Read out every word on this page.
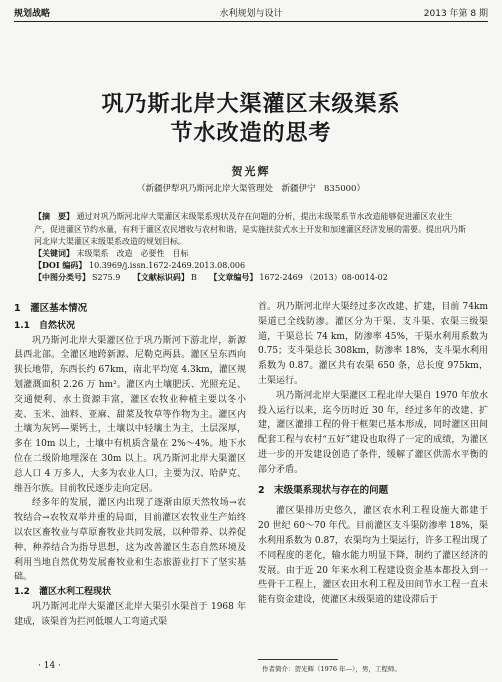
规划战略	水利规划与设计	2013 年第 8 期
巩乃斯北岸大渠灌区末级渠系
节水改造的思考
贺光辉
（新疆伊犁巩乃斯河北岸大渠管理处　新疆伊宁　835000）
【摘　要】 通过对巩乃斯河北岸大渠灌区末级渠系现状及存在问题的分析，提出末级渠系节水改造能够促进灌区农业生产，促进灌区节约水量，有利于灌区农民增收与农村和谐，是实施扶贫式水土开发和加速灌区经济发展的需要。提出巩乃斯河北岸大渠灌区末级渠系改造的规划目标。
【关键词】 末级渠系　改造　必要性　目标
【DOI 编码】 10.3969/j.issn.1672-2469.2013.08.006
【中图分类号】 S275.9 【文献标识码】 B 【文章编号】 1672-2469 （2013）08-0014-02
1　灌区基本情况
1.1　自然状况

巩乃斯河北岸大渠灌区位于巩乃斯河下游北岸，新源县西北部。全灌区地跨新源、尼勒克两县。灌区呈东西向狭长地带，东西长约 67km，南北平均宽 4.3km，灌区规划灌溉面积 2.26 万 hm²。灌区内土壤肥沃、光照充足、交通便利、水土资源丰富，灌区农牧业种植主要以冬小麦、玉米、油料、亚麻、甜菜及牧草等作物为主。灌区内土壤为灰钙—栗钙土，土壤以中轻壤土为主，土层深厚，多在 10m 以上，土壤中有机质含量在 2%～4%。地下水位在二级阶地埋深在 30m 以上。巩乃斯河北岸大渠灌区总人口 4 万多人，大多为农业人口，主要为汉、哈萨克、维吾尔族。目前牧民逐步走向定居。

经多年的发展，灌区内出现了逐渐由原天然牧场→农牧结合→农牧双举并重的局面，目前灌区农牧业生产始终以农区畜牧业与草原畜牧业共同发展，以种带养、以养促种、种养结合为指导思想，这为改善灌区生态自然环境及利用当地自然优势发展畜牧业和生态旅游业打下了坚实基础。

1.2　灌区水利工程现状

巩乃斯河北岸大渠灌区北岸大渠引水渠首于 1968 年建成，该渠首为拦河低堰人工弯道式渠

首。巩乃斯河北岸大渠经过多次改建、扩建，目前 74km 渠道已全线防渗。灌区分为干渠、支斗渠、农渠三级渠道，干渠总长 74 km，防渗率 45%，干渠水利用系数为 0.75；支斗渠总长 308km，防渗率 18%，支斗渠水利用系数为 0.87。灌区共有农渠 650 条，总长度 975km，土渠运行。

巩乃斯河北岸大渠灌区工程北岸大渠自 1970 年放水投入运行以来，迄今历时近 30 年，经过多年的改建、扩建，灌区灌排工程的骨干框架已基本形成，同时灌区田间配套工程与农村“五好”建设也取得了一定的成绩，为灌区进一步的开发建设创造了条件，缓解了灌区供需水平衡的部分矛盾。

2　末级渠系现状与存在的问题

灌区渠排历史悠久，灌区农水利工程设施大都建于 20 世纪 60～70 年代。目前灌区支斗渠防渗率 18%，渠水利用系数为 0.87，农渠均为土渠运行，许多工程出现了不同程度的老化，输水能力明显下降，制约了灌区经济的发展。由于近 20 年来水利工程建设资金基本都投入到一些骨干工程上，灌区农田水利工程及田间节水工程一直未能有资金建设，使灌区末级渠道的建设滞后于

作者简介：贺光辉（1976 年—），男，工程师。
· 14 ·
